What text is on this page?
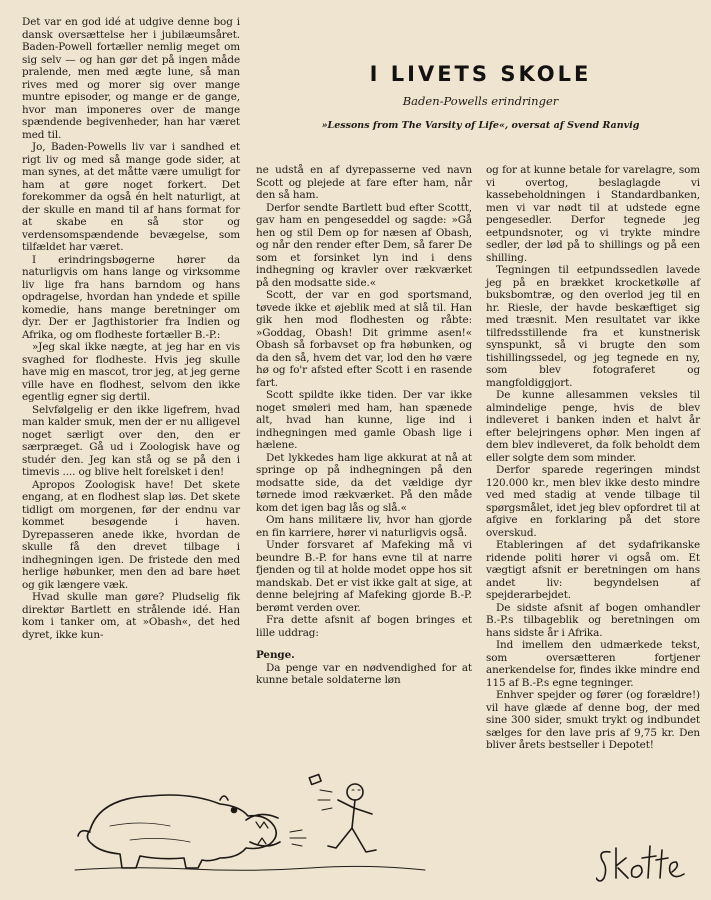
Det var en god idé at udgive denne bog i dansk oversættelse her i jubilæumsåret. Baden-Powell fortæller nemlig meget om sig selv — og han gør det på ingen måde pralende, men med ægte lune, så man rives med og morer sig over mange muntre episoder, og mange er de gange, hvor man imponeres over de mange spændende begivenheder, han har været med til.

Jo, Baden-Powells liv var i sandhed et rigt liv og med så mange gode sider, at man synes, at det måtte være umuligt for ham at gøre noget forkert. Det forekommer da også én helt naturligt, at der skulle en mand til af hans format for at skabe en så stor og verdensomspændende bevægelse, som tilfældet har været.

I erindringsbøgerne hører da naturligvis om hans lange og virksomme liv lige fra hans barndom og hans opdragelse, hvordan han yndede et spille komedie, hans mange beretninger om dyr. Der er Jagthistorier fra Indien og Afrika, og om flodheste fortæller B.-P.:

»Jeg skal ikke nægte, at jeg har en vis svaghed for flodheste. Hvis jeg skulle have mig en mascot, tror jeg, at jeg gerne ville have en flodhest, selvom den ikke egentlig egner sig dertil.

Selvfølgelig er den ikke ligefrem, hvad man kalder smuk, men der er nu alligevel noget særligt over den, den er særpræget. Gå ud i Zoologisk have og studér den. Jeg kan stå og se på den i timevis .... og blive helt forelsket i den!

Apropos Zoologisk have! Det skete engang, at en flodhest slap løs. Det skete tidligt om morgenen, før der endnu var kommet besøgende i haven. Dyrepasseren anede ikke, hvordan de skulle få den drevet tilbage i indhegningen igen. De fristede den med herlige høbunker, men den ad bare høet og gik længere væk.

Hvad skulle man gøre? Pludselig fik direktør Bartlett en strålende idé. Han kom i tanker om, at »Obash«, det hed dyret, ikke kun-

I LIVETS SKOLE
Baden-Powells erindringer
»Lessons from The Varsity of Life«, oversat af Svend Ranvig

ne udstå en af dyrepasserne ved navn Scott og plejede at fare efter ham, når den så ham.

Derfor sendte Bartlett bud efter Scottt, gav ham en pengeseddel og sagde: »Gå hen og stil Dem op for næsen af Obash, og når den render efter Dem, så farer De som et forsinket lyn ind i dens indhegning og kravler over rækværket på den modsatte side.«

Scott, der var en god sportsmand, tøvede ikke et øjeblik med at slå til. Han gik hen mod flodhesten og råbte: »Goddag, Obash! Dit grimme asen!« Obash så forbavset op fra høbunken, og da den så, hvem det var, lod den hø være hø og fo'r afsted efter Scott i en rasende fart.

Scott spildte ikke tiden. Der var ikke noget smøleri med ham, han spænede alt, hvad han kunne, lige ind i indhegningen med gamle Obash lige i hælene.

Det lykkedes ham lige akkurat at nå at springe op på indhegningen på den modsatte side, da det vældige dyr tørnede imod rækværket. På den måde kom det igen bag lås og slå.«

Om hans militære liv, hvor han gjorde en fin karriere, hører vi naturligvis også.

Under forsvaret af Mafeking må vi beundre B.-P. for hans evne til at narre fjenden og til at holde modet oppe hos sit mandskab. Det er vist ikke galt at sige, at denne belejring af Mafeking gjorde B.-P. berømt verden over.

Fra dette afsnit af bogen bringes et lille uddrag:

Penge.

Da penge var en nødvendighed for at kunne betale soldaterne løn

og for at kunne betale for varelagre, som vi overtog, beslaglagde vi kassebeholdningen i Standardbanken, men vi var nødt til at udstede egne pengesedler. Derfor tegnede jeg eetpundsnoter, og vi trykte mindre sedler, der lød på to shillings og på een shilling.

Tegningen til eetpundssedlen lavede jeg på en brækket krocketkølle af buksbomtræ, og den overlod jeg til en hr. Riesle, der havde beskæftiget sig med træsnit. Men resultatet var ikke tilfredsstillende fra et kunstnerisk synspunkt, så vi brugte den som tishillingssedel, og jeg tegnede en ny, som blev fotograferet og mangfoldiggjort.

De kunne allesammen veksles til almindelige penge, hvis de blev indleveret i banken inden et halvt år efter belejringens ophør. Men ingen af dem blev indleveret, da folk beholdt dem eller solgte dem som minder.

Derfor sparede regeringen mindst 120.000 kr., men blev ikke desto mindre ved med stadig at vende tilbage til spørgsmålet, idet jeg blev opfordret til at afgive en forklaring på det store overskud.

Etableringen af det sydafrikanske ridende politi hører vi også om. Et vægtigt afsnit er beretningen om hans andet liv: begyndelsen af spejderarbejdet.

De sidste afsnit af bogen omhandler B.-P.s tilbageblik og beretningen om hans sidste år i Afrika.

Ind imellem den udmærkede tekst, som oversætteren fortjener anerkendelse for, findes ikke mindre end 115 af B.-P.s egne tegninger.

Enhver spejder og fører (og forældre!) vil have glæde af denne bog, der med sine 300 sider, smukt trykt og indbundet sælges for den lave pris af 9,75 kr. Den bliver årets bestseller i Depotet!
